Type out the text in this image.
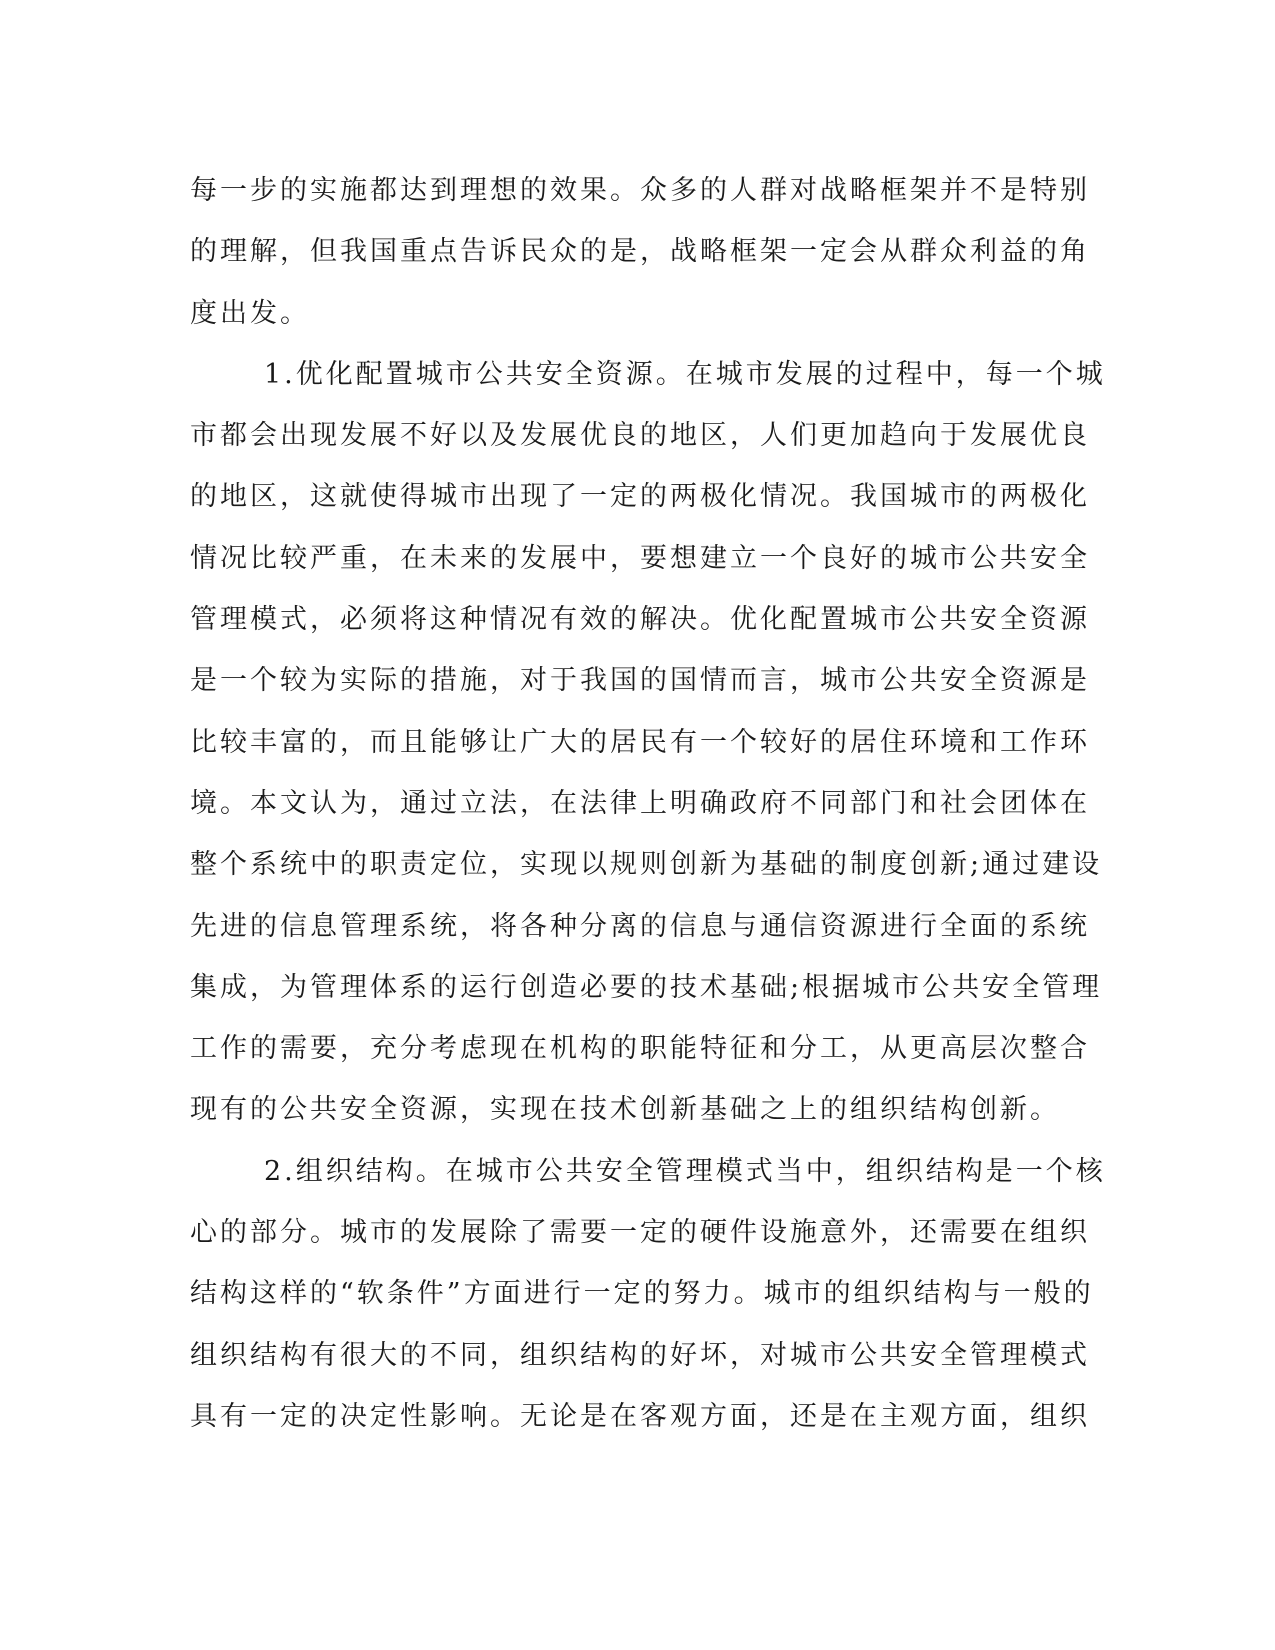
每一步的实施都达到理想的效果。众多的人群对战略框架并不是特别
的理解，但我国重点告诉民众的是，战略框架一定会从群众利益的角
度出发。
1.优化配置城市公共安全资源。在城市发展的过程中，每一个城
市都会出现发展不好以及发展优良的地区，人们更加趋向于发展优良
的地区，这就使得城市出现了一定的两极化情况。我国城市的两极化
情况比较严重，在未来的发展中，要想建立一个良好的城市公共安全
管理模式，必须将这种情况有效的解决。优化配置城市公共安全资源
是一个较为实际的措施，对于我国的国情而言，城市公共安全资源是
比较丰富的，而且能够让广大的居民有一个较好的居住环境和工作环
境。本文认为，通过立法，在法律上明确政府不同部门和社会团体在
整个系统中的职责定位，实现以规则创新为基础的制度创新;通过建设
先进的信息管理系统，将各种分离的信息与通信资源进行全面的系统
集成，为管理体系的运行创造必要的技术基础;根据城市公共安全管理
工作的需要，充分考虑现在机构的职能特征和分工，从更高层次整合
现有的公共安全资源，实现在技术创新基础之上的组织结构创新。
2.组织结构。在城市公共安全管理模式当中，组织结构是一个核
心的部分。城市的发展除了需要一定的硬件设施意外，还需要在组织
结构这样的“软条件”方面进行一定的努力。城市的组织结构与一般的
组织结构有很大的不同，组织结构的好坏，对城市公共安全管理模式
具有一定的决定性影响。无论是在客观方面，还是在主观方面，组织
